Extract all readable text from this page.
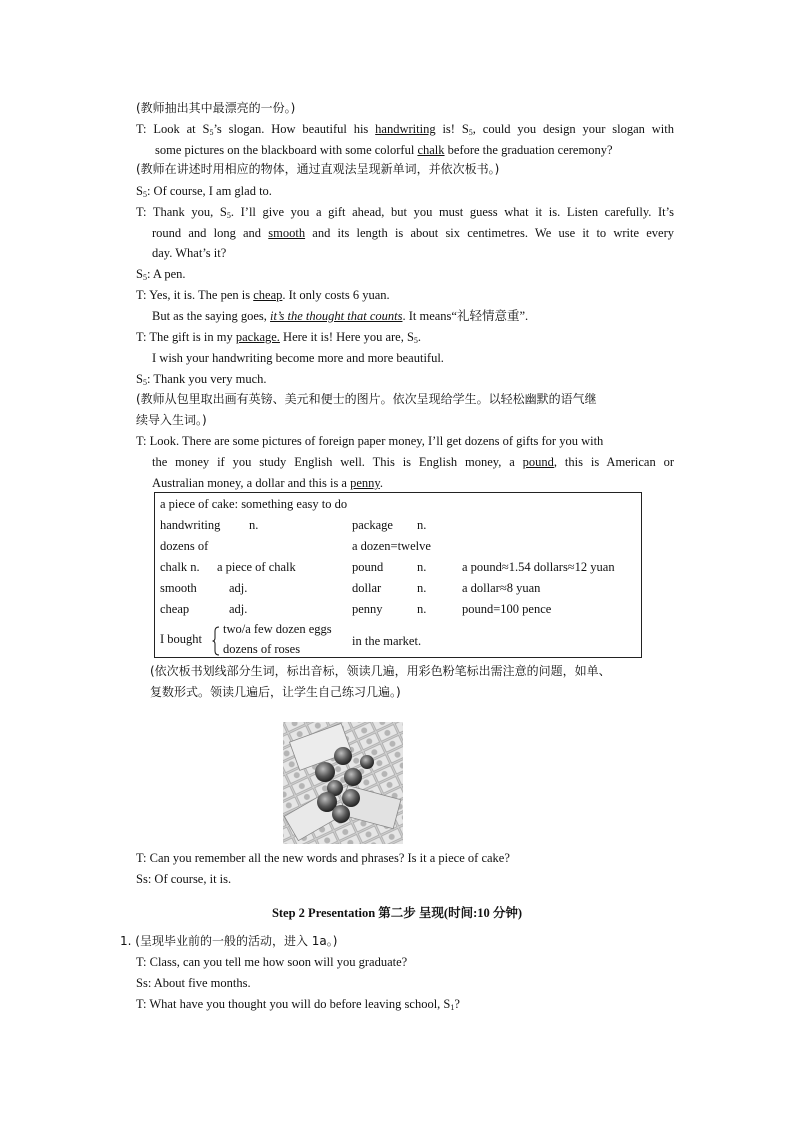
(教师抽出其中最漂亮的一份。)
T: Look at $S_5’s$ slogan. How beautiful his handwriting is! $S_5$, could you design your slogan with
some pictures on the blackboard with some colorful chalk before the graduation ceremony?
(教师在讲述时用相应的物体，通过直观法呈现新单词，并依次板书。)
$S_5$: Of course, I am glad to.
T: Thank you, $S_5$. I’ll give you a gift ahead, but you must guess what it is. Listen carefully. It’s
round and long and smooth and its length is about six centimetres. We use it to write every
day. What’s it?
$S_5$: A pen.
T: Yes, it is. The pen is cheap. It only costs 6 yuan.
But as the saying goes, it’s the thought that counts. It means“礼轻情意重”.
T: The gift is in my package. Here it is! Here you are, $S_5$.
I wish your handwriting become more and more beautiful.
$S_5$: Thank you very much.
(教师从包里取出画有英镑、美元和便士的图片。依次呈现给学生。以轻松幽默的语气继
续导入生词。)
T: Look. There are some pictures of foreign paper money, I’ll get dozens of gifts for you with
the money if you study English well. This is English money, a pound, this is American or
Australian money, a dollar and this is a penny.
a piece of cake: something easy to do
handwriting n.	package n.
dozens of	a dozen=twelve
chalk n. a piece of chalk	pound	n.	a pound≈1.54 dollars≈12 yuan
smooth	adj.	dollar	n.	a dollar≈8 yuan
cheap	adj.	penny	n.	pound=100 pence
I bought
two/a few dozen eggs
dozens of roses
in the market.
(依次板书划线部分生词，标出音标，领读几遍，用彩色粉笔标出需注意的问题，如单、
复数形式。领读几遍后，让学生自己练习几遍。)
T: Can you remember all the new words and phrases? Is it a piece of cake?
Ss: Of course, it is.
Step 2 Presentation 第二步 呈现(时间:10 分钟)
1. (呈现毕业前的一般的活动，进入 1a。)
T: Class, can you tell me how soon will you graduate?
Ss: About five months.
T: What have you thought you will do before leaving school, $S_1$?
